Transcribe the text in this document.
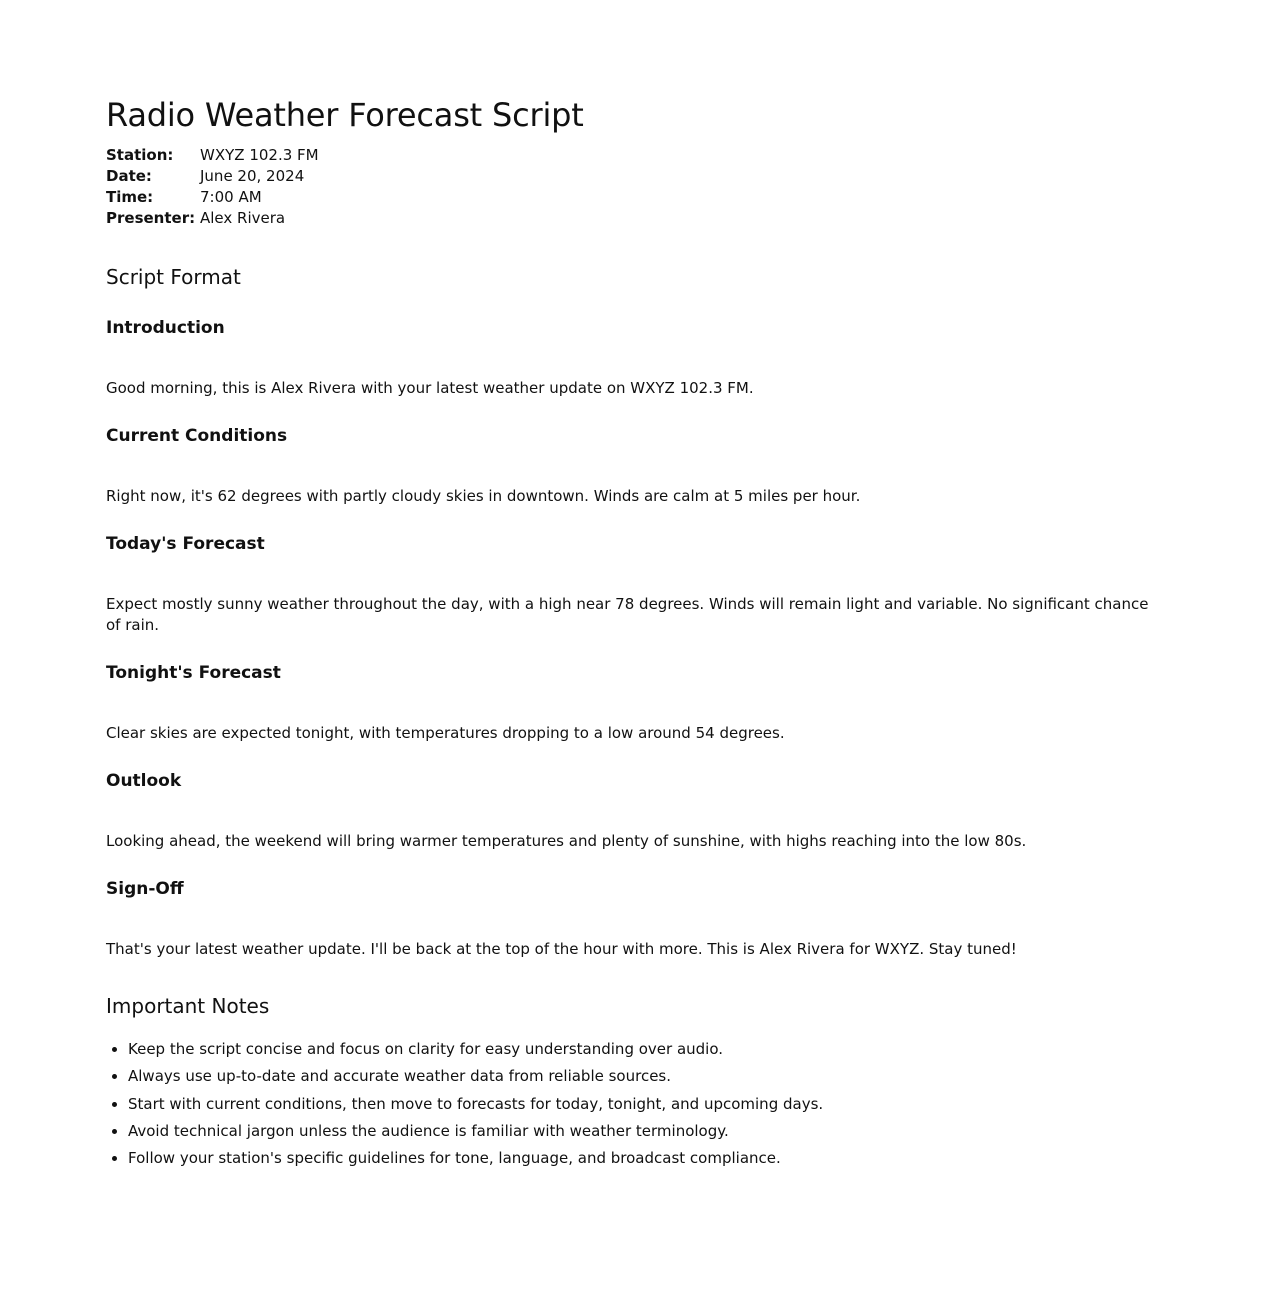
Radio Weather Forecast Script
Station:	WXYZ 102.3 FM
Date:	June 20, 2024
Time:	7:00 AM
Presenter: Alex Rivera
Script Format
Introduction

Good morning, this is Alex Rivera with your latest weather update on WXYZ 102.3 FM.

Current Conditions

Right now, it's 62 degrees with partly cloudy skies in downtown. Winds are calm at 5 miles per hour.

Today's Forecast

Expect mostly sunny weather throughout the day, with a high near 78 degrees. Winds will remain light and variable. No significant chance of rain.

Tonight's Forecast

Clear skies are expected tonight, with temperatures dropping to a low around 54 degrees.

Outlook

Looking ahead, the weekend will bring warmer temperatures and plenty of sunshine, with highs reaching into the low 80s.

Sign-Off

That's your latest weather update. I'll be back at the top of the hour with more. This is Alex Rivera for WXYZ. Stay tuned!

Important Notes
• Keep the script concise and focus on clarity for easy understanding over audio.
• Always use up-to-date and accurate weather data from reliable sources.
• Start with current conditions, then move to forecasts for today, tonight, and upcoming days.
• Avoid technical jargon unless the audience is familiar with weather terminology.
• Follow your station's specific guidelines for tone, language, and broadcast compliance.
